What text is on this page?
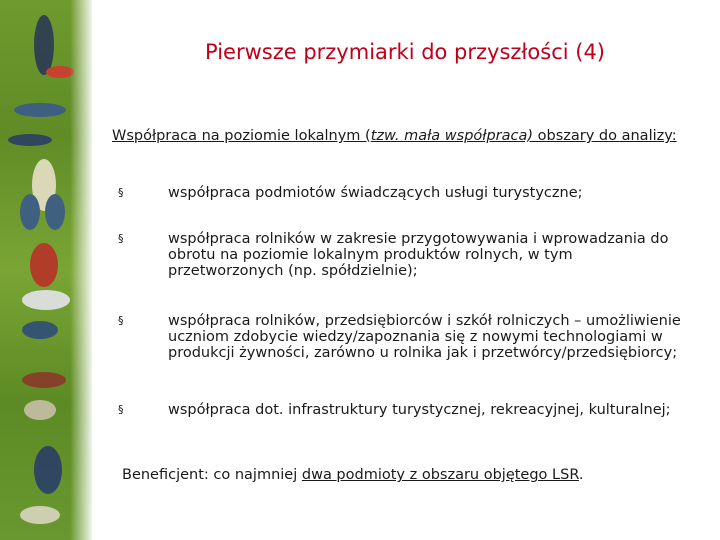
Pierwsze przymiarki do przyszłości (4)
Współpraca na poziomie lokalnym (tzw. mała współpraca) obszary do analizy:
§	współpraca podmiotów świadczących usługi turystyczne;
§	współpraca rolników w zakresie przygotowywania i wprowadzania do obrotu na poziomie lokalnym produktów rolnych, w tym przetworzonych (np. spółdzielnie);
§	współpraca rolników, przedsiębiorców i szkół rolniczych – umożliwienie uczniom zdobycie wiedzy/zapoznania się z nowymi technologiami w produkcji żywności, zarówno u rolnika jak i przetwórcy/przedsiębiorcy;
§	współpraca dot. infrastruktury turystycznej, rekreacyjnej, kulturalnej;
Beneficjent: co najmniej dwa podmioty z obszaru objętego LSR.
